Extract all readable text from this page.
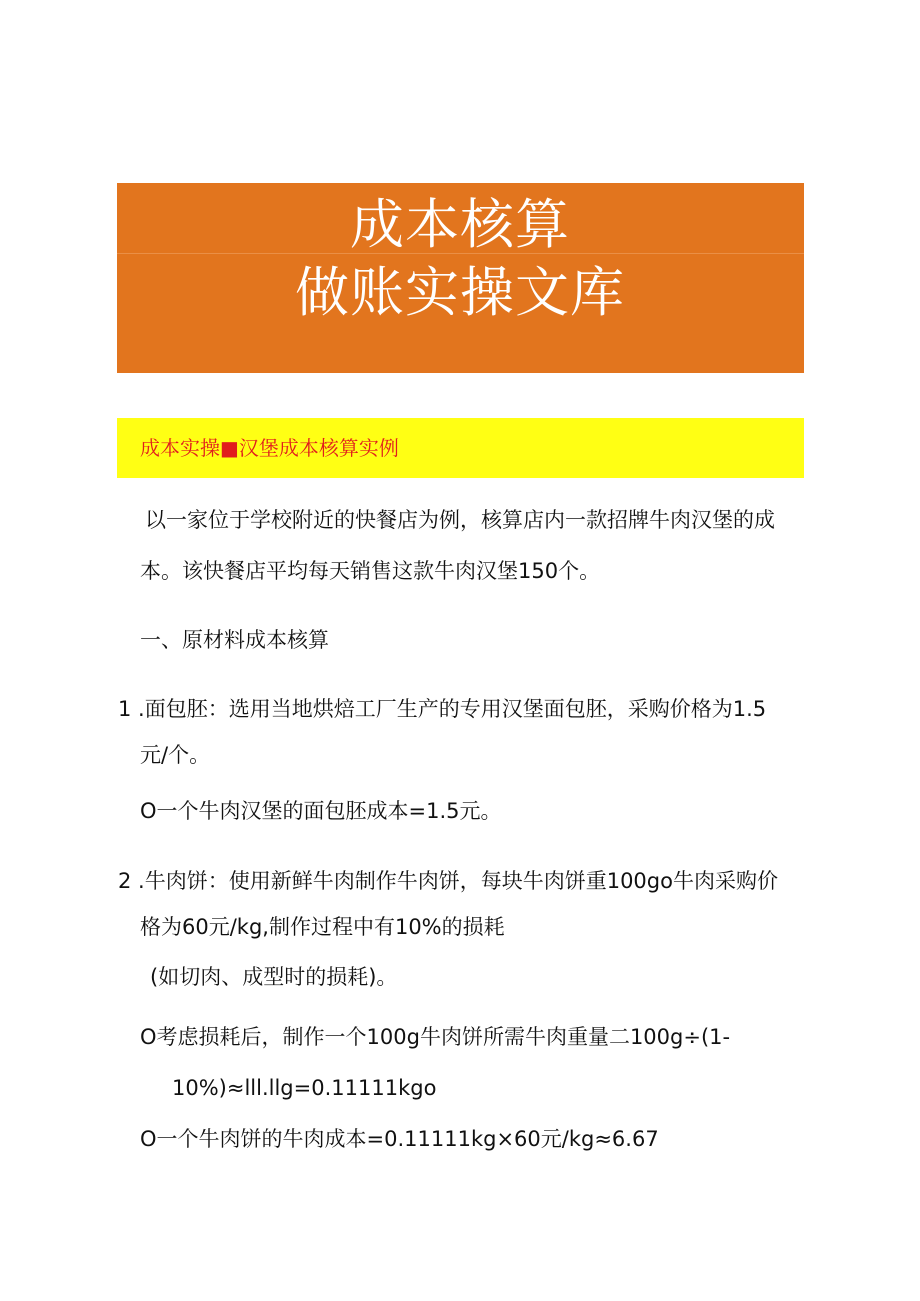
成本核算
做账实操文库
成本实操■汉堡成本核算实例
以一家位于学校附近的快餐店为例，核算店内一款招牌牛肉汉堡的成
本。该快餐店平均每天销售这款牛肉汉堡150个。
一、原材料成本核算
1 .面包胚：选用当地烘焙工厂生产的专用汉堡面包胚，采购价格为1.5
元/个。
O一个牛肉汉堡的面包胚成本=1.5元。
2 .牛肉饼：使用新鲜牛肉制作牛肉饼，每块牛肉饼重100go牛肉采购价
格为60元/kg,制作过程中有10%的损耗
(如切肉、成型时的损耗)。
O考虑损耗后，制作一个100g牛肉饼所需牛肉重量二100g÷(1-
10%)≈lll.llg=0.11111kgo
O一个牛肉饼的牛肉成本=0.11111kg×60元/kg≈6.67
